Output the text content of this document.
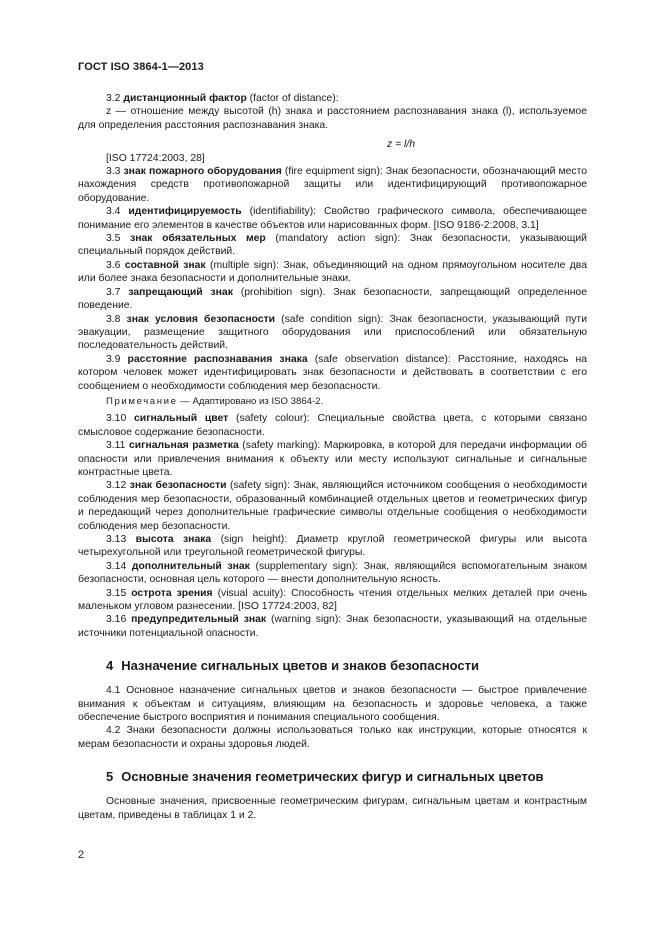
ГОСТ ISO 3864-1—2013

3.2 дистанционный фактор (factor of distance):

z — отношение между высотой (h) знака и расстоянием распознавания знака (l), используемое для определения расстояния распознавания знака.

z = l/h

[ISO 17724:2003, 28]

3.3 знак пожарного оборудования (fire equipment sign): Знак безопасности, обозначающий место нахождения средств противопожарной защиты или идентифицирующий противопожарное оборудование.

3.4 идентифицируемость (identifiability): Свойство графического символа, обеспечивающее понимание его элементов в качестве объектов или нарисованных форм. [ISO 9186-2:2008, 3.1]

3.5 знак обязательных мер (mandatory action sign): Знак безопасности, указывающий специальный порядок действий.

3.6 составной знак (multiple sign): Знак, объединяющий на одном прямоугольном носителе два или более знака безопасности и дополнительные знаки.

3.7 запрещающий знак (prohibition sign). Знак безопасности, запрещающий определенное поведение.

3.8 знак условия безопасности (safe condition sign): Знак безопасности, указывающий пути эвакуации, размещение защитного оборудования или приспособлений или обязательную последовательность действий.

3.9 расстояние распознавания знака (safe observation distance): Расстояние, находясь на котором человек может идентифицировать знак безопасности и действовать в соответствии с его сообщением о необходимости соблюдения мер безопасности.

Примечание — Адаптировано из ISO 3864-2.

3.10 сигнальный цвет (safety colour): Специальные свойства цвета, с которыми связано смысловое содержание безопасности.

3.11 сигнальная разметка (safety marking): Маркировка, в которой для передачи информации об опасности или привлечения внимания к объекту или месту используют сигнальные и сигнальные контрастные цвета.

3.12 знак безопасности (safety sign): Знак, являющийся источником сообщения о необходимости соблюдения мер безопасности, образованный комбинацией отдельных цветов и геометрических фигур и передающий через дополнительные графические символы отдельные сообщения о необходимости соблюдения мер безопасности.

3.13 высота знака (sign height): Диаметр круглой геометрической фигуры или высота четырехугольной или треугольной геометрической фигуры.

3.14 дополнительный знак (supplementary sign): Знак, являющийся вспомогательным знаком безопасности, основная цель которого — внести дополнительную ясность.

3.15 острота зрения (visual acuity): Способность чтения отдельных мелких деталей при очень маленьком угловом разнесении. [ISO 17724:2003, 82]

3.16 предупредительный знак (warning sign): Знак безопасности, указывающий на отдельные источники потенциальной опасности.

4 Назначение сигнальных цветов и знаков безопасности

4.1 Основное назначение сигнальных цветов и знаков безопасности — быстрое привлечение внимания к объектам и ситуациям, влияющим на безопасность и здоровье человека, а также обеспечение быстрого восприятия и понимания специального сообщения.

4.2 Знаки безопасности должны использоваться только как инструкции, которые относятся к мерам безопасности и охраны здоровья людей.

5 Основные значения геометрических фигур и сигнальных цветов

Основные значения, присвоенные геометрическим фигурам, сигнальным цветам и контрастным цветам, приведены в таблицах 1 и 2.

2
